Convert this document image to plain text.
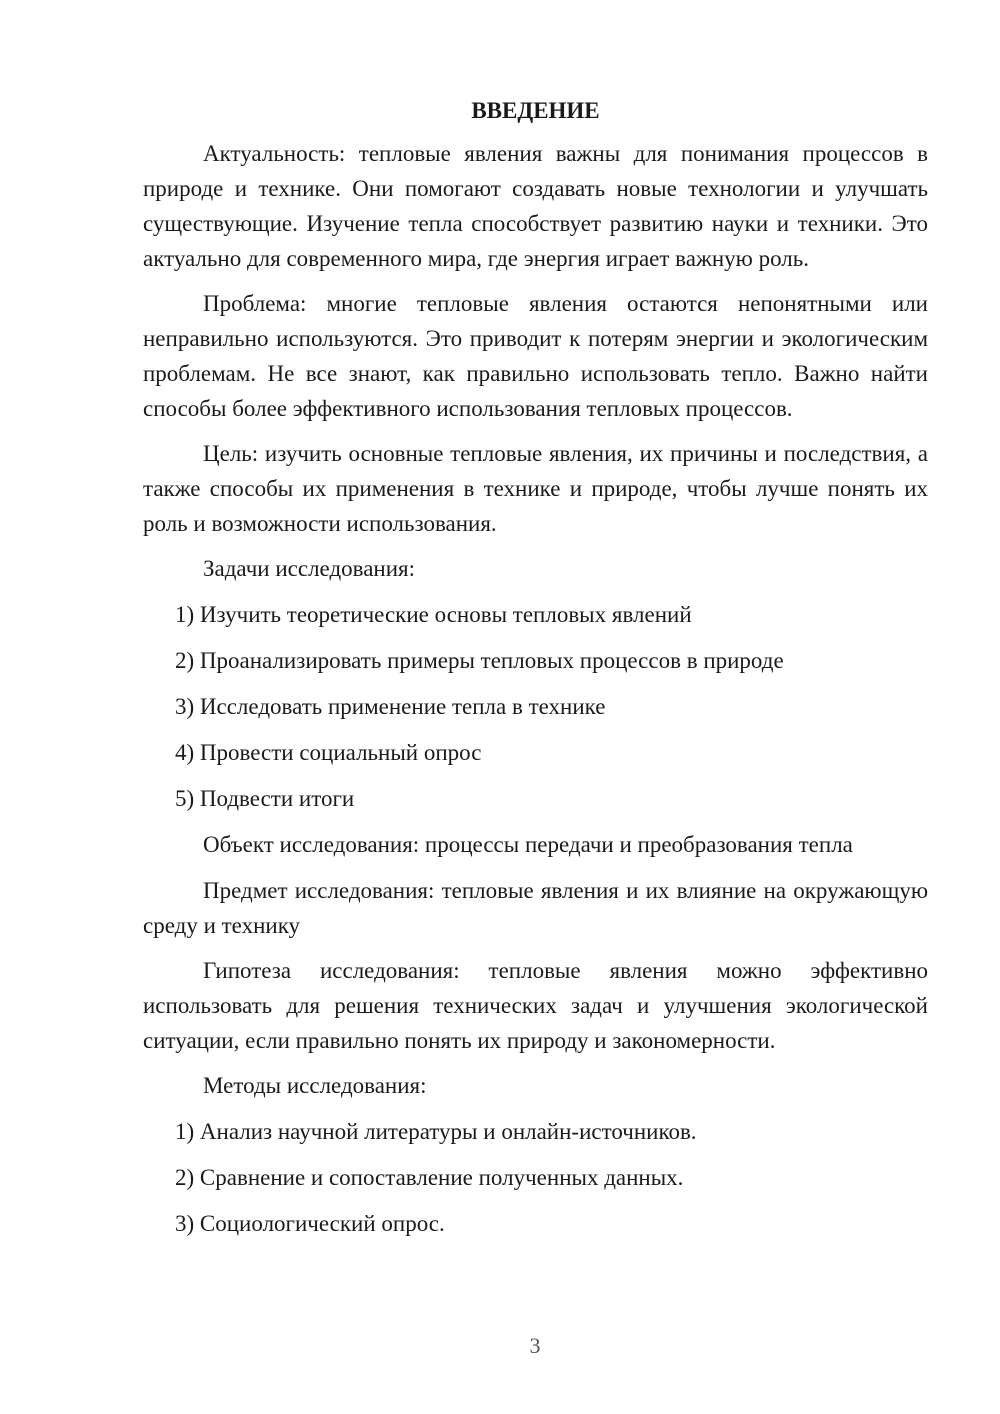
ВВЕДЕНИЕ

Актуальность: тепловые явления важны для понимания процессов в природе и технике. Они помогают создавать новые технологии и улучшать существующие. Изучение тепла способствует развитию науки и техники. Это актуально для современного мира, где энергия играет важную роль.

Проблема: многие тепловые явления остаются непонятными или неправильно используются. Это приводит к потерям энергии и экологическим проблемам. Не все знают, как правильно использовать тепло. Важно найти способы более эффективного использования тепловых процессов.

Цель: изучить основные тепловые явления, их причины и последствия, а также способы их применения в технике и природе, чтобы лучше понять их роль и возможности использования.

Задачи исследования:

1) Изучить теоретические основы тепловых явлений

2) Проанализировать примеры тепловых процессов в природе

3) Исследовать применение тепла в технике

4) Провести социальный опрос

5) Подвести итоги

Объект исследования: процессы передачи и преобразования тепла

Предмет исследования: тепловые явления и их влияние на окружающую среду и технику

Гипотеза исследования: тепловые явления можно эффективно использовать для решения технических задач и улучшения экологической ситуации, если правильно понять их природу и закономерности.

Методы исследования:

1) Анализ научной литературы и онлайн-источников.

2) Сравнение и сопоставление полученных данных.

3) Социологический опрос.

3
